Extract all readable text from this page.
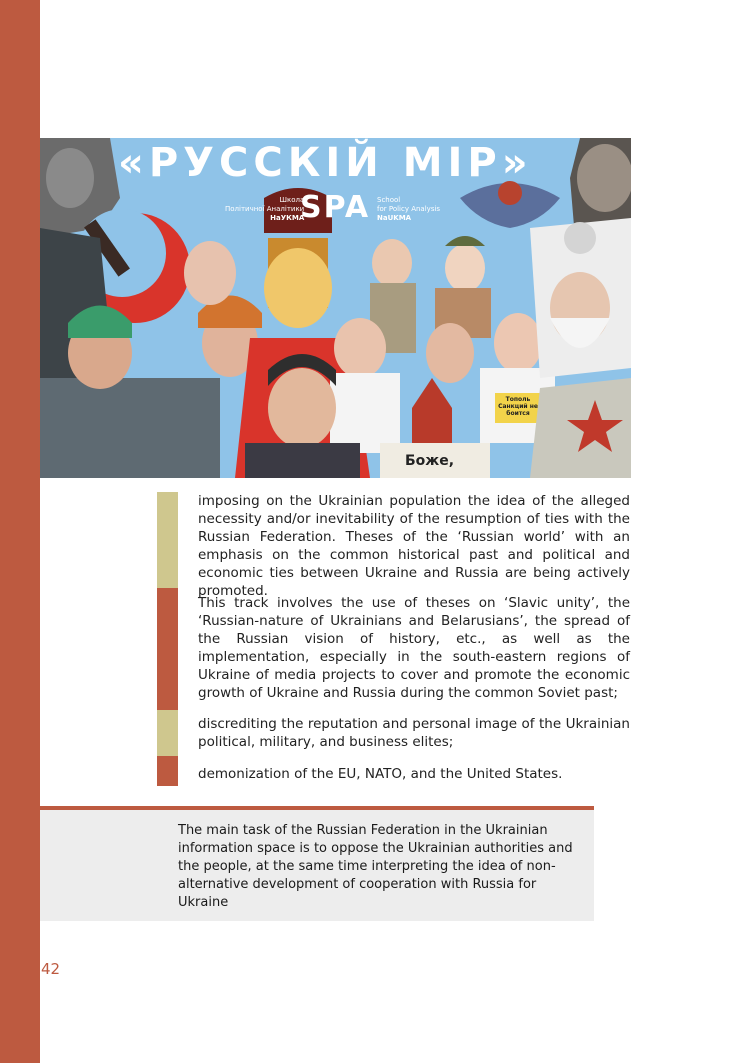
«РУССКІЙ МІР»
Школа
Політичної Аналітики
НаУКМА
SPA School
for Policy Analysis
NaUKMA
Тополь Санкций не боится
Боже,
imposing on the Ukrainian population the idea of the alleged necessity and/or inevitability of the resumption of ties with the Russian Federation. Theses of the ‘Russian world’ with an emphasis on the common historical past and political and economic ties between Ukraine and Russia are being actively promoted.
This track involves the use of theses on ‘Slavic unity’, the ‘Russian-nature of Ukrainians and Belarusians’, the spread of the Russian vision of history, etc., as well as the implementation, especially in the south-eastern regions of Ukraine of media projects to cover and promote the economic growth of Ukraine and Russia during the common Soviet past;
discrediting the reputation and personal image of the Ukrainian political, military, and business elites;
demonization of the EU, NATO, and the United States.
The main task of the Russian Federation in the Ukrainian information space is to oppose the Ukrainian authorities and the people, at the same time interpreting the idea of non-alternative development of cooperation with Russia for Ukraine
42
